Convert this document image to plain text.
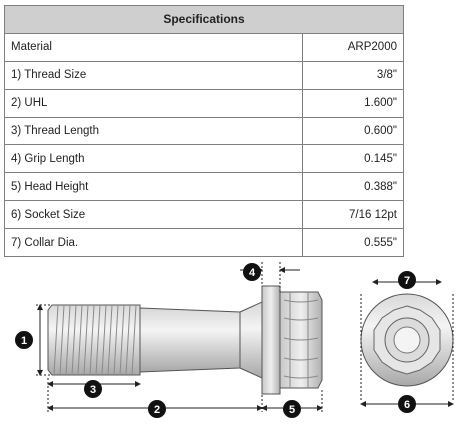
Specifications	
Material	ARP2000
1) Thread Size	3/8"
2) UHL	1.600"
3) Thread Length	0.600"
4) Grip Length	0.145"
5) Head Height	0.388"
6) Socket Size	7/16 12pt
7) Collar Dia.	0.555"
1
2
3
4
5	6
7
